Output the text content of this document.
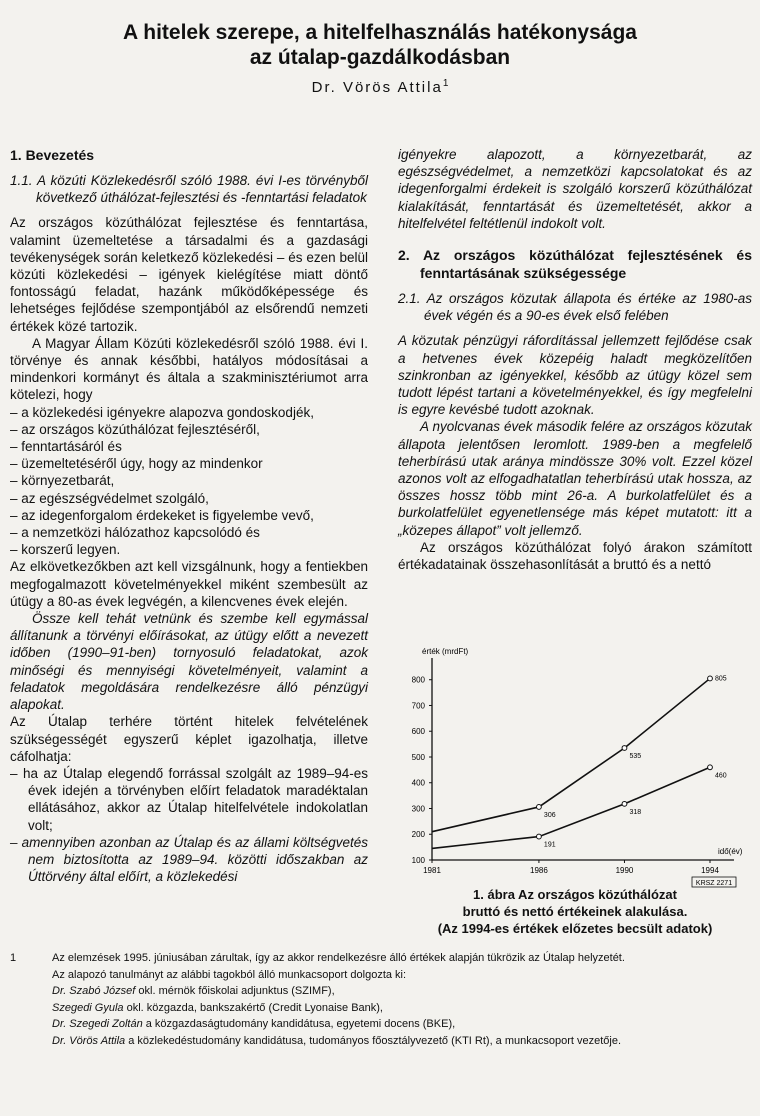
A hitelek szerepe, a hitelfelhasználás hatékonysága
az útalap-gazdálkodásban
Dr. Vörös Attila$^1$
1. Bevezetés

1.1. A közúti Közlekedésről szóló 1988. évi I-es törvényből következő úthálózat-fejlesztési és -fenntartási feladatok

Az országos közúthálózat fejlesztése és fenntartása, valamint üzemeltetése a társadalmi és a gazdasági tevékenységek során keletkező közlekedési – és ezen belül közúti közlekedési – igények kielégítése miatt döntő fontosságú feladat, hazánk működőképessége és lehetséges fejlődése szempontjából az elsőrendű nemzeti értékek közé tartozik.

A Magyar Állam Közúti közlekedésről szóló 1988. évi I. törvénye és annak későbbi, hatályos módosításai a mindenkori kormányt és általa a szakminisztériumot arra kötelezi, hogy

– a közlekedési igényekre alapozva gondoskodjék,

– az országos közúthálózat fejlesztéséről,

– fenntartásáról és

– üzemeltetéséről úgy, hogy az mindenkor

– környezetbarát,

– az egészségvédelmet szolgáló,

– az idegenforgalom érdekeket is figyelembe vevő,

– a nemzetközi hálózathoz kapcsolódó és

– korszerű legyen.

Az elkövetkezőkben azt kell vizsgálnunk, hogy a fentiekben megfogalmazott követelményekkel miként szembesült az útügy a 80-as évek legvégén, a kilencvenes évek elején.

Össze kell tehát vetnünk és szembe kell egymással állítanunk a törvényi előírásokat, az útügy előtt a nevezett időben (1990–91-ben) tornyosuló feladatokat, azok minőségi és mennyiségi követelményeit, valamint a feladatok megoldására rendelkezésre álló pénzügyi alapokat.

Az Útalap terhére történt hitelek felvételének szükségességét egyszerű képlet igazolhatja, illetve cáfolhatja:

– ha az Útalap elegendő forrással szolgált az 1989–94-es évek idején a törvényben előírt feladatok maradéktalan ellátásához, akkor az Útalap hitelfelvétele indokolatlan volt;

– amennyiben azonban az Útalap és az állami költségvetés nem biztosította az 1989–94. közötti időszakban az Úttörvény által előírt, a közlekedési

igényekre alapozott, a környezetbarát, az egészségvédelmet, a nemzetközi kapcsolatokat és az idegenforgalmi érdekeit is szolgáló korszerű közúthálózat kialakítását, fenntartását és üzemeltetését, akkor a hitelfelvétel feltétlenül indokolt volt.

2. Az országos közúthálózat fejlesztésének és fenntartásának szükségessége

2.1. Az országos közutak állapota és értéke az 1980-as évek végén és a 90-es évek első felében

A közutak pénzügyi ráfordítással jellemzett fejlődése csak a hetvenes évek közepéig haladt megközelítően szinkronban az igényekkel, később az útügy közel sem tudott lépést tartani a követelményekkel, és így megfelelni is egyre kevésbé tudott azoknak.

A nyolcvanas évek második felére az országos közutak állapota jelentősen leromlott. 1989-ben a megfelelő teherbírású utak aránya mindössze 30% volt. Ezzel közel azonos volt az elfogadhatatlan teherbírású utak hossza, az összes hossz több mint 26-a. A burkolatfelület és a burkolatfelület egyenetlensége más képet mutatott: itt a „közepes állapot” volt jellemző.

Az országos közúthálózat folyó árakon számított értékadatainak összehasonlítását a bruttó és a nettó

érték (mrdFt)
idő(év)
100
200
300
400
500
600
700
800
1981	1986	1990	1994
306
535
805
191
318
460
KRSZ 2271
1. ábra Az országos közúthálózat
bruttó és nettó értékeinek alakulása.
(Az 1994-es értékek előzetes becsült adatok)
1	Az elemzések 1995. júniusában zárultak, így az akkor rendelkezésre álló értékek alapján tükrözik az Útalap helyzetét.
Az alapozó tanulmányt az alábbi tagokból álló munkacsoport dolgozta ki:
Dr. Szabó József okl. mérnök főiskolai adjunktus (SZIMF),
Szegedi Gyula okl. közgazda, bankszakértő (Credit Lyonaise Bank),
Dr. Szegedi Zoltán a közgazdaságtudomány kandidátusa, egyetemi docens (BKE),
Dr. Vörös Attila a közlekedéstudomány kandidátusa, tudományos főosztályvezető (KTI Rt), a munkacsoport vezetője.
